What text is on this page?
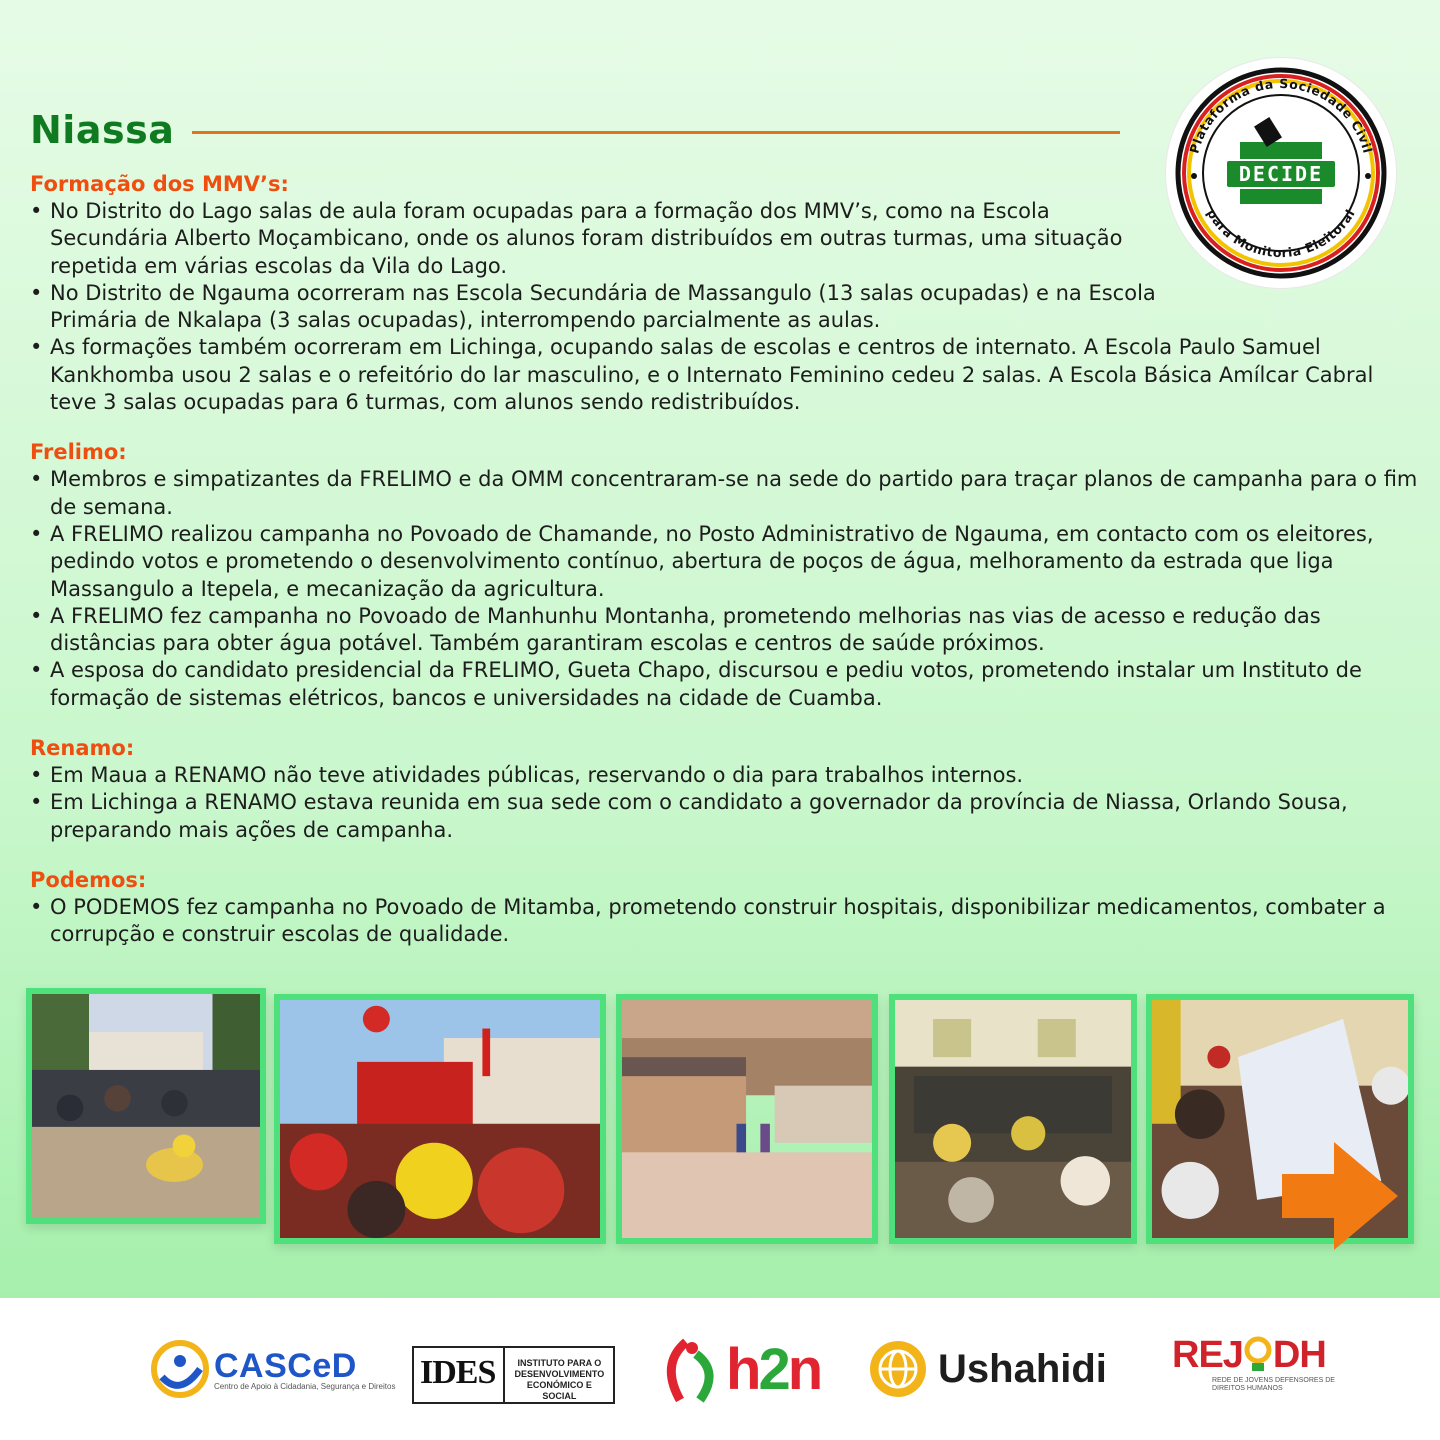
Niassa	Plataforma da Sociedade Civil
para Monitoria Eleitoral
DECIDE
Formação dos MMV’s:
• No Distrito do Lago salas de aula foram ocupadas para a formação dos MMV’s, como na Escola Secundária Alberto Moçambicano, onde os alunos foram distribuídos em outras turmas, uma situação repetida em várias escolas da Vila do Lago.
• No Distrito de Ngauma ocorreram nas Escola Secundária de Massangulo (13 salas ocupadas) e na Escola Primária de Nkalapa (3 salas ocupadas), interrompendo parcialmente as aulas.
• As formações também ocorreram em Lichinga, ocupando salas de escolas e centros de internato. A Escola Paulo Samuel Kankhomba usou 2 salas e o refeitório do lar masculino, e o Internato Feminino cedeu 2 salas. A Escola Básica Amílcar Cabral teve 3 salas ocupadas para 6 turmas, com alunos sendo redistribuídos.
Frelimo:
• Membros e simpatizantes da FRELIMO e da OMM concentraram-se na sede do partido para traçar planos de campanha para o fim de semana.
• A FRELIMO realizou campanha no Povoado de Chamande, no Posto Administrativo de Ngauma, em contacto com os eleitores, pedindo votos e prometendo o desenvolvimento contínuo, abertura de poços de água, melhoramento da estrada que liga Massangulo a Itepela, e mecanização da agricultura.
• A FRELIMO fez campanha no Povoado de Manhunhu Montanha, prometendo melhorias nas vias de acesso e redução das distâncias para obter água potável. Também garantiram escolas e centros de saúde próximos.
• A esposa do candidato presidencial da FRELIMO, Gueta Chapo, discursou e pediu votos, prometendo instalar um Instituto de formação de sistemas elétricos, bancos e universidades na cidade de Cuamba.
Renamo:
• Em Maua a RENAMO não teve atividades públicas, reservando o dia para trabalhos internos.
• Em Lichinga a RENAMO estava reunida em sua sede com o candidato a governador da província de Niassa, Orlando Sousa, preparando mais ações de campanha.
Podemos:
• O PODEMOS fez campanha no Povoado de Mitamba, prometendo construir hospitais, disponibilizar medicamentos, combater a corrupção e construir escolas de qualidade.
CASCeD
Centro de Apoio à Cidadania, Segurança e Direitos IDES	INSTITUTO PARA O DESENVOLVIMENTO ECONÓMICO E SOCIAL	h2n	Ushahidi REJ DH
REDE DE JOVENS DEFENSORES DE DIREITOS HUMANOS
